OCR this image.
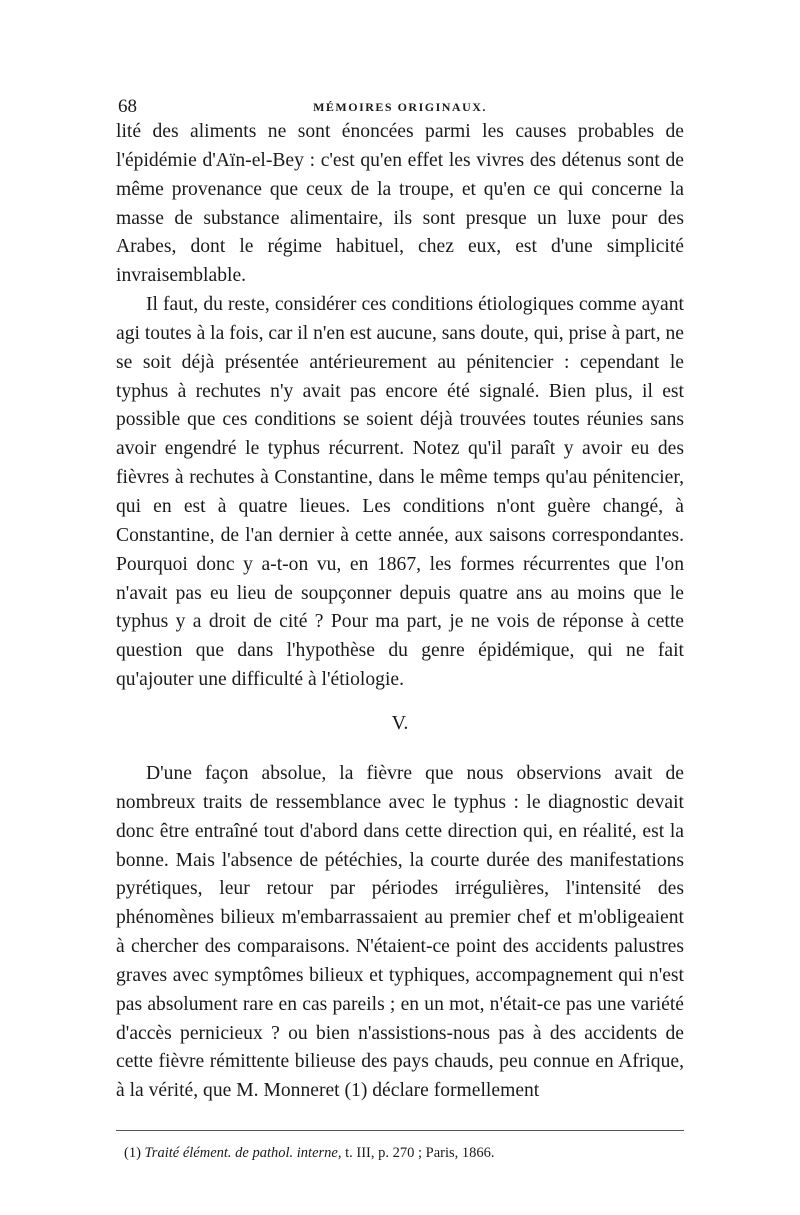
68	MÉMOIRES ORIGINAUX.

lité des aliments ne sont énoncées parmi les causes probables de l'épidémie d'Aïn-el-Bey : c'est qu'en effet les vivres des détenus sont de même provenance que ceux de la troupe, et qu'en ce qui concerne la masse de substance alimentaire, ils sont presque un luxe pour des Arabes, dont le régime habituel, chez eux, est d'une simplicité invraisemblable.

Il faut, du reste, considérer ces conditions étiologiques comme ayant agi toutes à la fois, car il n'en est aucune, sans doute, qui, prise à part, ne se soit déjà présentée antérieurement au pénitencier : cependant le typhus à rechutes n'y avait pas encore été signalé. Bien plus, il est possible que ces conditions se soient déjà trouvées toutes réunies sans avoir engendré le typhus récurrent. Notez qu'il paraît y avoir eu des fièvres à rechutes à Constantine, dans le même temps qu'au pénitencier, qui en est à quatre lieues. Les conditions n'ont guère changé, à Constantine, de l'an dernier à cette année, aux saisons correspondantes. Pourquoi donc y a-t-on vu, en 1867, les formes récurrentes que l'on n'avait pas eu lieu de soupçonner depuis quatre ans au moins que le typhus y a droit de cité ? Pour ma part, je ne vois de réponse à cette question que dans l'hypothèse du genre épidémique, qui ne fait qu'ajouter une difficulté à l'étiologie.

V.

D'une façon absolue, la fièvre que nous observions avait de nombreux traits de ressemblance avec le typhus : le diagnostic devait donc être entraîné tout d'abord dans cette direction qui, en réalité, est la bonne. Mais l'absence de pétéchies, la courte durée des manifestations pyrétiques, leur retour par périodes irrégulières, l'intensité des phénomènes bilieux m'embarrassaient au premier chef et m'obligeaient à chercher des comparaisons. N'étaient-ce point des accidents palustres graves avec symptômes bilieux et typhiques, accompagnement qui n'est pas absolument rare en cas pareils ; en un mot, n'était-ce pas une variété d'accès pernicieux ? ou bien n'assistions-nous pas à des accidents de cette fièvre rémittente bilieuse des pays chauds, peu connue en Afrique, à la vérité, que M. Monneret (1) déclare formellement

(1) Traité élément. de pathol. interne, t. III, p. 270 ; Paris, 1866.
